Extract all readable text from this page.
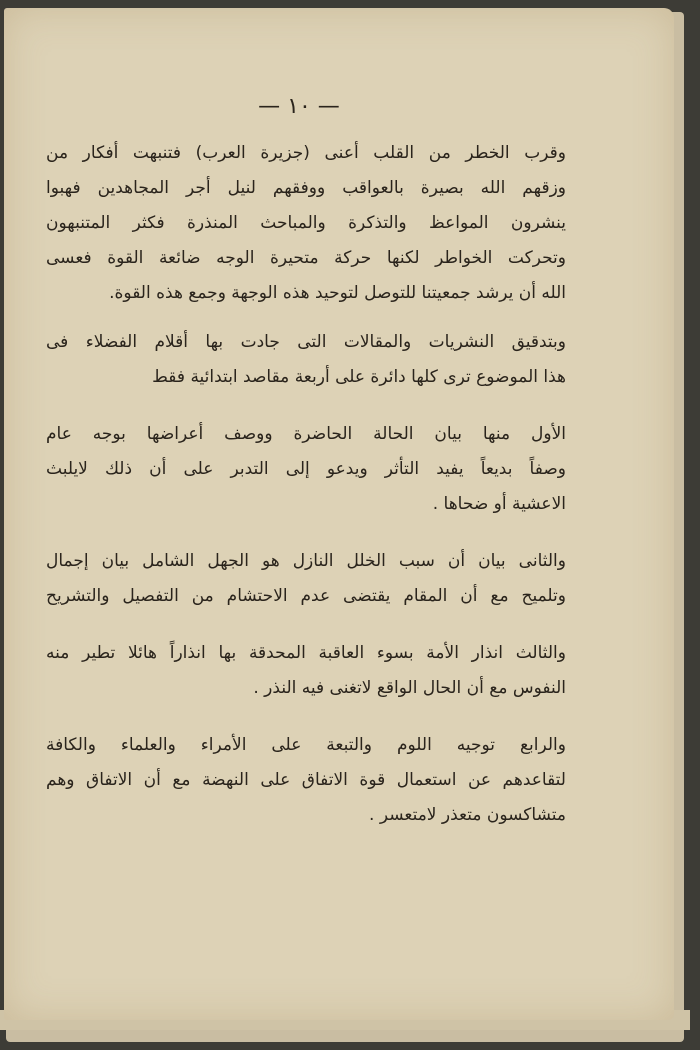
— ١٠ —
وقرب الخطر من القلب أعنى (جزيرة العرب) فتنبهت أفكار من
وزقهم الله بصيرة بالعواقب ووفقهم لنيل أجر المجاهدين فهبوا
ينشرون المواعظ والتذكرة والمباحث المنذرة فكثر المتنبهون
وتحركت الخواطر لكنها حركة متحيرة الوجه ضائعة القوة فعسى
الله أن يرشد جمعيتنا للتوصل لتوحيد هذه الوجهة وجمع هذه القوة.
وبتدقيق النشريات والمقالات التى جادت بها أقلام الفضلاء فى
هذا الموضوع ترى كلها دائرة على أربعة مقاصد ابتدائية فقط
الأول منها بيان الحالة الحاضرة ووصف أعراضها بوجه عام
وصفاً بديعاً يفيد التأثر ويدعو إلى التدبر على أن ذلك لايلبث
الاعشية أو ضحاها .
والثانى بيان أن سبب الخلل النازل هو الجهل الشامل بيان إجمال
وتلميح مع أن المقام يقتضى عدم الاحتشام من التفصيل والتشريح
والثالث انذار الأمة بسوء العاقبة المحدقة بها انذاراً هائلا تطير منه
النفوس مع أن الحال الواقع لاتغنى فيه النذر .
والرابع توجيه اللوم والتبعة على الأمراء والعلماء والكافة
لتقاعدهم عن استعمال قوة الاتفاق على النهضة مع أن الاتفاق وهم
متشاكسون متعذر لامتعسر .
